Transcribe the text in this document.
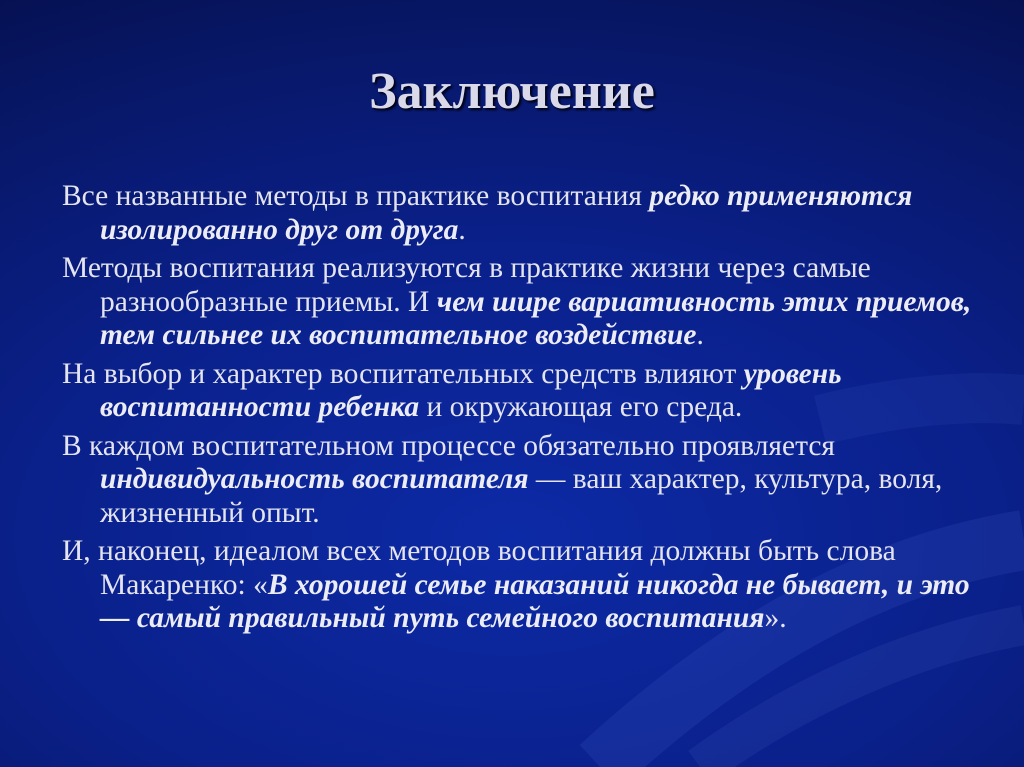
Заключение

Все названные методы в практике воспитания редко применяются изолированно друг от друга.

Методы воспитания реализуются в практике жизни через самые разнообразные приемы. И чем шире вариативность этих приемов, тем сильнее их воспитательное воздействие.

На выбор и характер воспитательных средств влияют уровень воспитанности ребенка и окружающая его среда.

В каждом воспитательном процессе обязательно проявляется индивидуальность воспитателя — ваш характер, культура, воля, жизненный опыт.

И, наконец, идеалом всех методов воспитания должны быть слова Макаренко: «В хорошей семье наказаний никогда не бывает, и это — самый правильный путь семейного воспитания».
